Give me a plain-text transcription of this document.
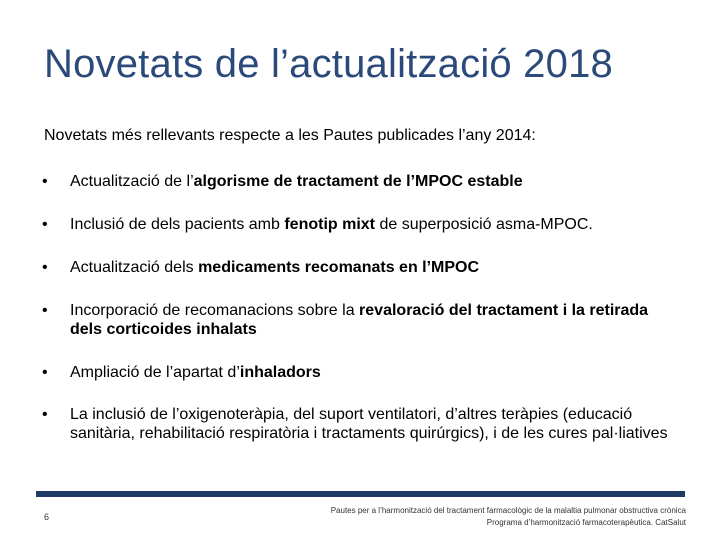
Novetats de l’actualització 2018
Novetats més rellevants respecte a les Pautes publicades l’any 2014:
• Actualització de l’algorisme de tractament de l’MPOC estable
• Inclusió de dels pacients amb fenotip mixt de superposició asma-MPOC.
• Actualització dels medicaments recomanats en l’MPOC
• Incorporació de recomanacions sobre la revaloració del tractament i la retirada dels corticoides inhalats
• Ampliació de l’apartat d’inhaladors
• La inclusió de l’oxigenoteràpia, del suport ventilatori, d’altres teràpies (educació sanitària, rehabilitació respiratòria i tractaments quirúrgics), i de les cures pal·liatives
6
Pautes per a l’harmonització del tractament farmacològic de la malaltia pulmonar obstructiva crònica
Programa d’harmonització farmacoterapèutica. CatSalut
